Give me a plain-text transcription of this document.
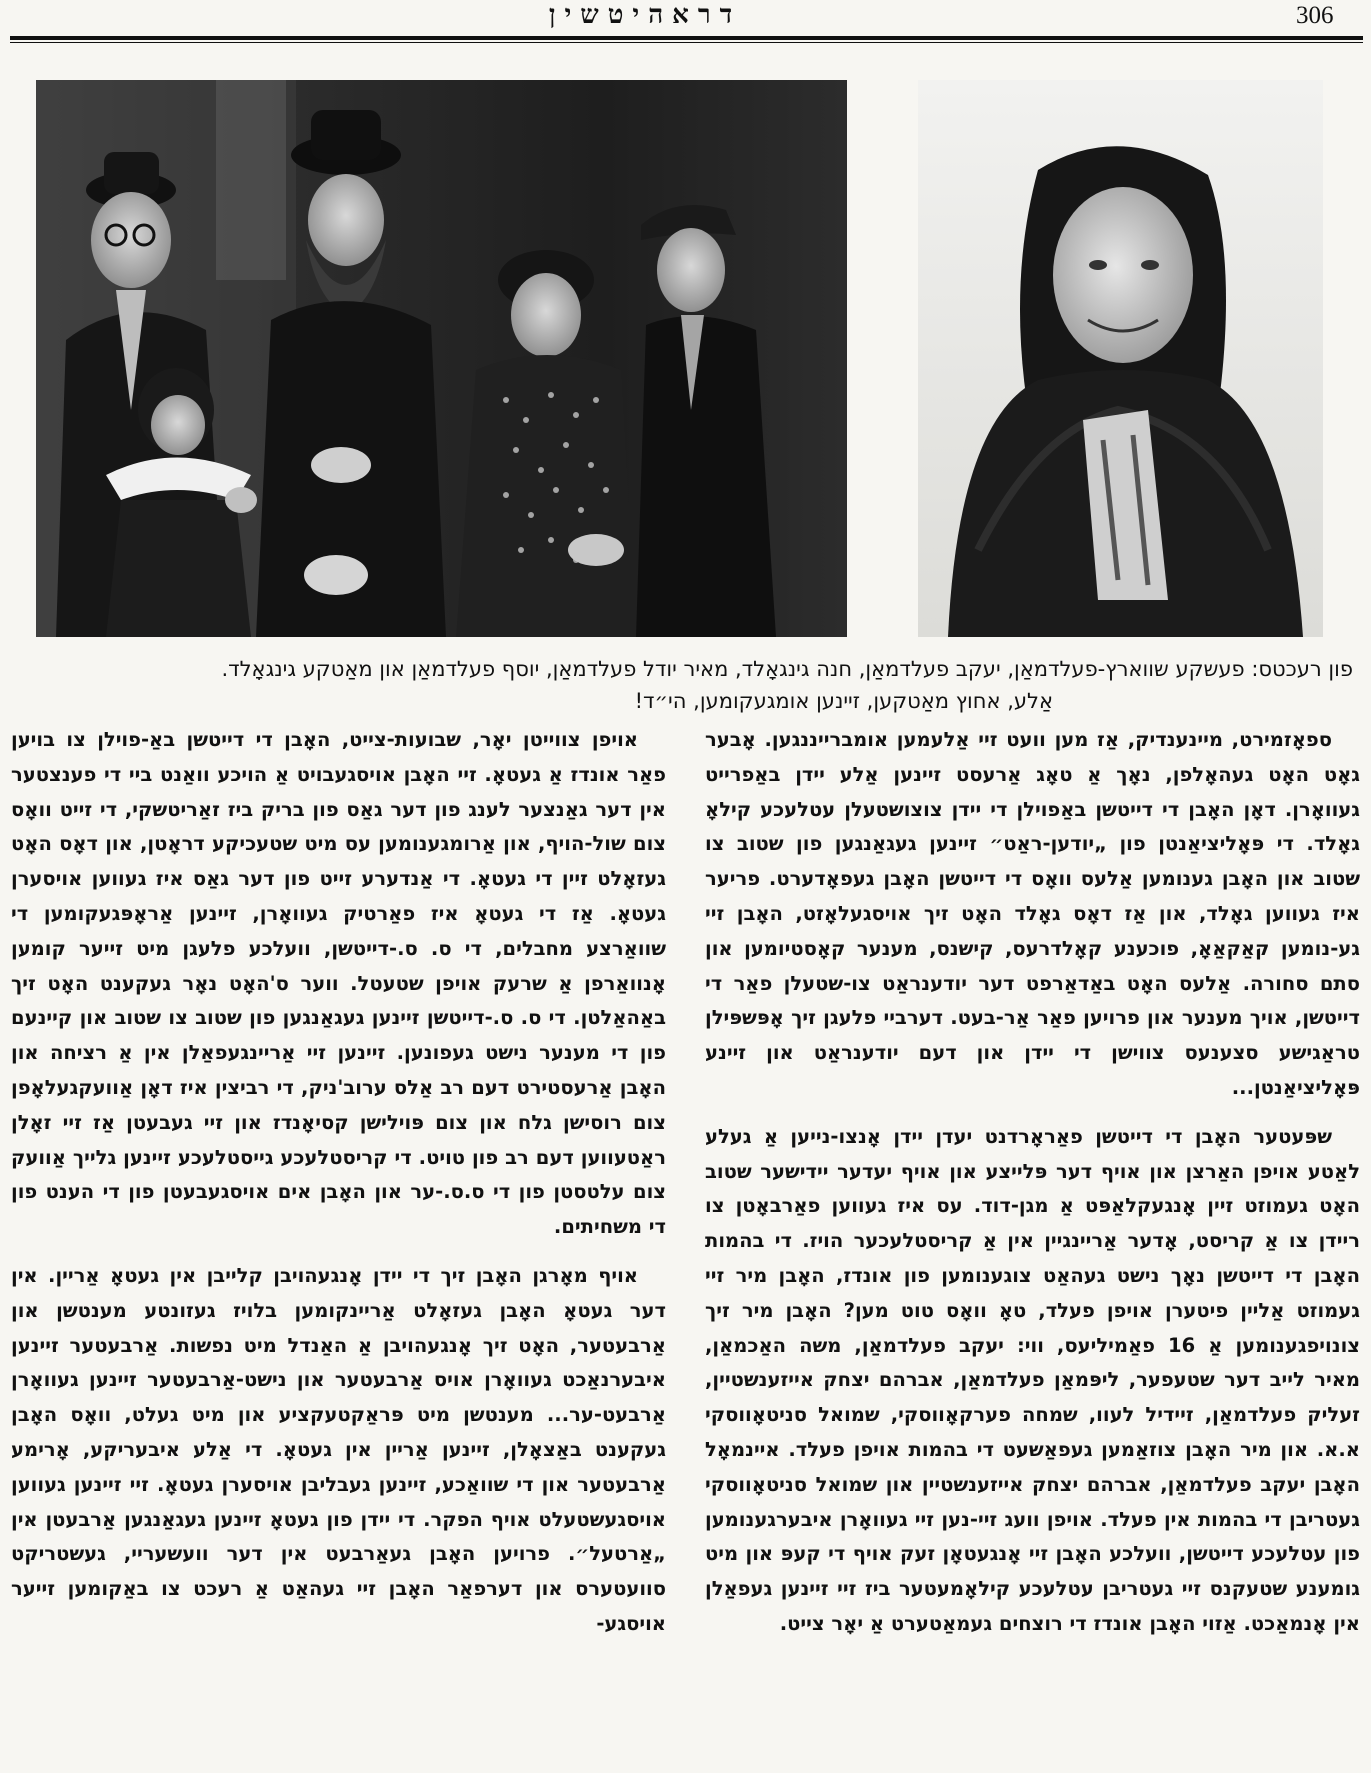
306
דראהיטשין

פון רעכטס: פעשקע שווארץ-פעלדמאַן, יעקב פעלדמאַן, חנה גינגאָלד, מאיר יודל פעלדמאַן, יוסף פעלדמאַן און מאַטקע גינגאָלד.

אַלע, אחוץ מאַטקען, זיינען אומגעקומען, הי״ד!

ספאָזמירט, מיינענדיק, אַז מען וועט זיי אַלעמען אומברייננגען. אָבער גאָט האָט געהאָלפן, נאָך אַ טאָג אַרעסט זיינען אַלע יידן באַפרייט געוואָרן. דאָן האָבן די דייטשן באַפוילן די יידן צוצושטעלן עטלעכע קילאָ גאָלד. די פּאָליציאַנטן פון „יודען-ראַט״ זיינען געגאַנגען פון שטוב צו שטוב און האָבן גענומען אַלעס וואָס די דייטשן האָבן געפאָדערט. פריער איז געווען גאָלד, און אַז דאָס גאָלד האָט זיך אויסגעלאָזט, האָבן זיי גע-נומען קאַקאַאָ, פוכענע קאָלדרעס, קישנס, מענער קאָסטיומען און סתם סחורה. אַלעס האָט באַדאַרפט דער יודענראַט צו-שטעלן פאַר די דייטשן, אויך מענער און פרויען פאַר אַר-בעט. דערביי פלעגן זיך אָפּשפּילן טראַגישע סצענעס צווישן די יידן און דעם יודענראַט און זיינע פּאָליציאַנטן...

שפּעטער האָבן די דייטשן פאַראָרדנט יעדן יידן אָנצו-נייען אַ געלע לאַטע אויפן האַרצן און אויף דער פּלייצע און אויף יעדער יידישער שטוב האָט געמוזט זיין אָנגעקלאַפּט אַ מגן-דוד. עס איז געווען פאַרבאָטן צו ריידן צו אַ קריסט, אָדער אַריינגיין אין אַ קריסטלעכער הויז. די בהמות האָבן די דייטשן נאָך נישט געהאַט צוגענומען פון אונדז, האָבן מיר זיי געמוזט אַליין פיטערן אויפן פעלד, טאָ וואָס טוט מען? האָבן מיר זיך צונויפגענומען אַ 16 פאַמיליעס, ווי: יעקב פעלדמאַן, משה האַכמאַן, מאיר לייב דער שטעפער, ליפּמאַן פעלדמאַן, אברהם יצחק אייזענשטיין, זעליק פעלדמאַן, זיידיל לעוו, שמחה פערקאָווסקי, שמואל סניטאָווסקי א.א. און מיר האָבן צוזאַמען געפאַשעט די בהמות אויפן פעלד. איינמאָל האָבן יעקב פעלדמאַן, אברהם יצחק אייזענשטיין און שמואל סניטאָווסקי געטריבן די בהמות אין פעלד. אויפן וועג זיי-נען זיי געוואָרן איבערגענומען פון עטלעכע דייטשן, וועלכע האָבן זיי אָנגעטאָן זעק אויף די קעפּ און מיט גומענע שטעקנס זיי געטריבן עטלעכע קילאָמעטער ביז זיי זיינען געפאַלן אין אָנמאַכט. אַזוי האָבן אונדז די רוצחים געמאַטערט אַ יאָר צייט.

אויפן צווייטן יאָר, שבועות-צייט, האָבן די דייטשן באַ-פוילן צו בויען פאַר אונדז אַ געטאָ. זיי האָבן אויסגעבויט אַ הויכע וואַנט ביי די פענצטער אין דער גאַנצער לענג פון דער גאַס פון בריק ביז זאַריטשקי, די זייט וואָס צום שול-הויף, און אַרומגענומען עס מיט שטעכיקע דראָטן, און דאָס האָט געזאָלט זיין די געטאָ. די אַנדערע זייט פון דער גאַס איז געווען אויסערן געטאָ. אַז די געטאָ איז פאַרטיק געוואָרן, זיינען אַראָפּגעקומען די שוואַרצע מחבלים, די ס. ס.-דייטשן, וועלכע פלעגן מיט זייער קומען אָנוואַרפן אַ שרעק אויפן שטעטל. ווער ס'האָט נאָר געקענט האָט זיך באַהאַלטן. די ס. ס.-דייטשן זיינען געגאַנגען פון שטוב צו שטוב און קיינעם פון די מענער נישט געפונען. זיינען זיי אַריינגעפאַלן אין אַ רציחה און האָבן אַרעסטירט דעם רב אַלס ערוב'ניק, די רביצין איז דאָן אַוועקגעלאָפן צום רוסישן גלח און צום פּוילישן קסיאָנדז און זיי געבעטן אַז זיי זאָלן ראַטעווען דעם רב פון טויט. די קריסטלעכע גייסטלעכע זיינען גלייך אַוועק צום עלטסטן פון די ס.ס.-ער און האָבן אים אויסגעבעטן פון די הענט פון די משחיתים.

אויף מאָרגן האָבן זיך די יידן אָנגעהויבן קלייבן אין געטאָ אַריין. אין דער געטאָ האָבן געזאָלט אַריינקומען בלויז געזונטע מענטשן און אַרבעטער, האָט זיך אָנגעהויבן אַ האַנדל מיט נפשות. אַרבעטער זיינען איבערנאַכט געוואָרן אויס אַרבעטער און נישט-אַרבעטער זיינען געוואָרן אַרבעט-ער... מענטשן מיט פּראַקטעקציע און מיט געלט, וואָס האָבן געקענט באַצאָלן, זיינען אַריין אין געטאָ. די אַלע איבעריקע, אָרימע אַרבעטער און די שוואַכע, זיינען געבליבן אויסערן געטאָ. זיי זיינען געווען אויסגעשטעלט אויף הפקר. די יידן פון געטאָ זיינען געגאַנגען אַרבעטן אין „אַרטעל״. פרויען האָבן געאַרבעט אין דער וועשעריי, געשטריקט סוועטערס און דערפאַר האָבן זיי געהאַט אַ רעכט צו באַקומען זייער אויסגע-
